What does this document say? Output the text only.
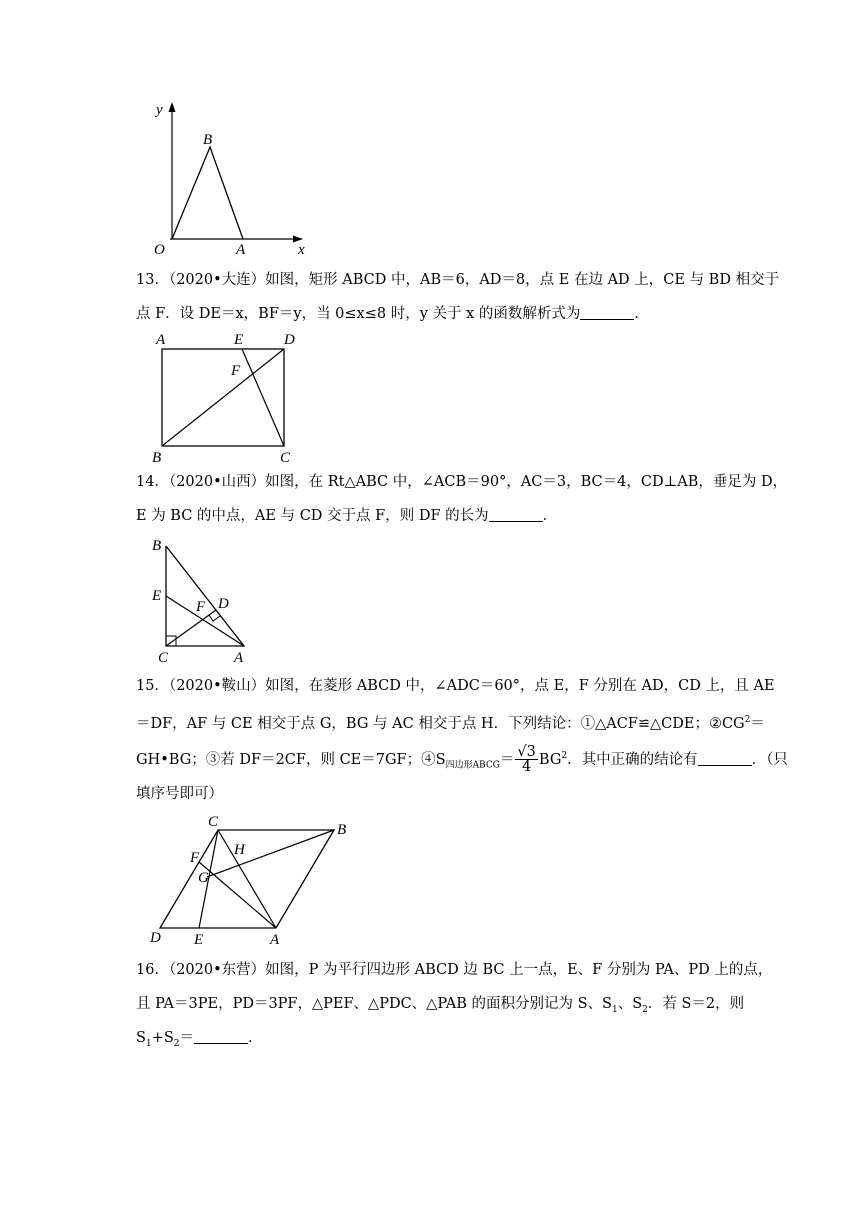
y
B
O	A	x
13．（2020•大连）如图，矩形 ABCD 中，AB＝6，AD＝8，点 E 在边 AD 上，CE 与 BD 相交于
点 F．设 DE＝x，BF＝y，当 0≤x≤8 时，y 关于 x 的函数解析式为	．
A	E	D
F
B	C
14．（2020•山西）如图，在 Rt△ABC 中，∠ACB＝90°，AC＝3，BC＝4，CD⊥AB，垂足为 D，
E 为 BC 的中点，AE 与 CD 交于点 F，则 DF 的长为	．
B
E
F D
C	A
15．（2020•鞍山）如图，在菱形 ABCD 中，∠ADC＝60°，点 E，F 分别在 AD，CD 上，且 AE
＝DF，AF 与 CE 相交于点 G，BG 与 AC 相交于点 H．下列结论：①△ACF≌△CDE；$②CG^2=$
GH•BG；③若 DF＝2CF，则 CE＝7GF；$④S_{四边形ABCG}= \frac{√3}{4} BG^2$．其中正确的结论有	．（只
填序号即可）
C	B
H
F
G
D E	A
16．（2020•东营）如图，P 为平行四边形 ABCD 边 BC 上一点，E、F 分别为 PA、PD 上的点，
且 PA＝3PE，PD＝3PF，△PEF、△PDC、△PAB 的面积分别记为 S、$S_1$、$S_2$．若 S＝2，则
$S_1+S_2=$	．
